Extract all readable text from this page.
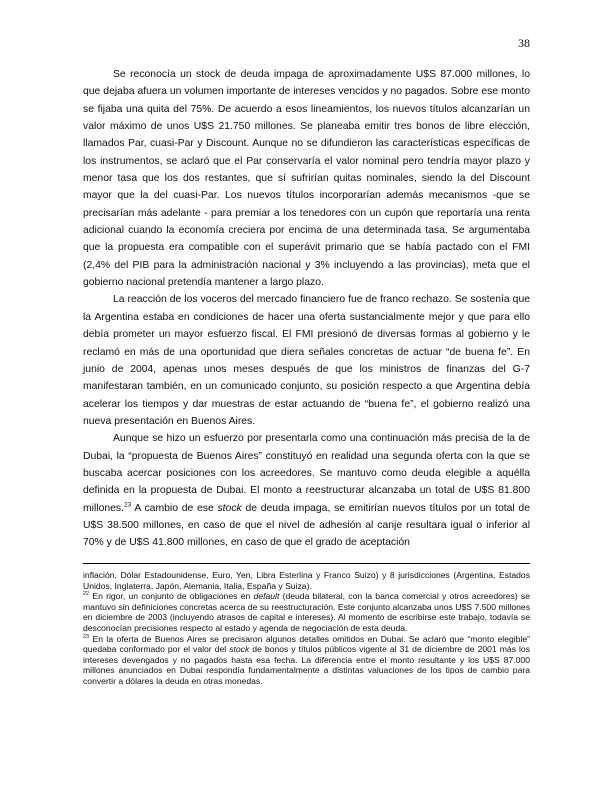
38

Se reconocía un stock de deuda impaga de aproximadamente U$S 87.000 millones, lo que dejaba afuera un volumen importante de intereses vencidos y no pagados. Sobre ese monto se fijaba una quita del 75%. De acuerdo a esos lineamientos, los nuevos títulos alcanzarían un valor máximo de unos U$S 21.750 millones. Se planeaba emitir tres bonos de libre elección, llamados Par, cuasi-Par y Discount. Aunque no se difundieron las características específicas de los instrumentos, se aclaró que el Par conservaría el valor nominal pero tendría mayor plazo y menor tasa que los dos restantes, que sí sufrirían quitas nominales, siendo la del Discount mayor que la del cuasi-Par. Los nuevos títulos incorporarían además mecanismos -que se precisarían más adelante - para premiar a los tenedores con un cupón que reportaría una renta adicional cuando la economía creciera por encima de una determinada tasa. Se argumentaba que la propuesta era compatible con el superávit primario que se había pactado con el FMI (2,4% del PIB para la administración nacional y 3% incluyendo a las provincias), meta que el gobierno nacional pretendía mantener a largo plazo.

La reacción de los voceros del mercado financiero fue de franco rechazo. Se sostenía que la Argentina estaba en condiciones de hacer una oferta sustancialmente mejor y que para ello debía prometer un mayor esfuerzo fiscal. El FMI presionó de diversas formas al gobierno y le reclamó en más de una oportunidad que diera señales concretas de actuar “de buena fe”. En junio de 2004, apenas unos meses después de que los ministros de finanzas del G-7 manifestaran también, en un comunicado conjunto, su posición respecto a que Argentina debía acelerar los tiempos y dar muestras de estar actuando de “buena fe”, el gobierno realizó una nueva presentación en Buenos Aires.

Aunque se hizo un esfuerzo por presentarla como una continuación más precisa de la de Dubai, la “propuesta de Buenos Aires” constituyó en realidad una segunda oferta con la que se buscaba acercar posiciones con los acreedores. Se mantuvo como deuda elegible a aquélla definida en la propuesta de Dubai. El monto a reestructurar alcanzaba un total de U$S 81.800 millones.$^{23}$ A cambio de ese stock de deuda impaga, se emitirían nuevos títulos por un total de U$S 38.500 millones, en caso de que el nivel de adhesión al canje resultara igual o inferior al 70% y de U$S 41.800 millones, en caso de que el grado de aceptación

inflación, Dólar Estadounidense, Euro, Yen, Libra Esterlina y Franco Suizo) y 8 jurisdicciones (Argentina, Estados Unidos, Inglaterra, Japón, Alemania, Italia, España y Suiza).

$^{22}$ En rigor, un conjunto de obligaciones en default (deuda bilateral, con la banca comercial y otros acreedores) se mantuvo sin definiciones concretas acerca de su reestructuración. Este conjunto alcanzaba unos U$S 7.500 millones en diciembre de 2003 (incluyendo atrasos de capital e intereses). Al momento de escribirse este trabajo, todavía se desconocían precisiones respecto al estado y agenda de negociación de esta deuda.

$^{23}$ En la oferta de Buenos Aires se precisaron algunos detalles omitidos en Dubai. Se aclaró que “monto elegible” quedaba conformado por el valor del stock de bonos y títulos públicos vigente al 31 de diciembre de 2001 más los intereses devengados y no pagados hasta esa fecha. La diferencia entre el monto resultante y los U$S 87.000 millones anunciados en Dubai respondía fundamentalmente a distintas valuaciones de los tipos de cambio para convertir a dólares la deuda en otras monedas.
